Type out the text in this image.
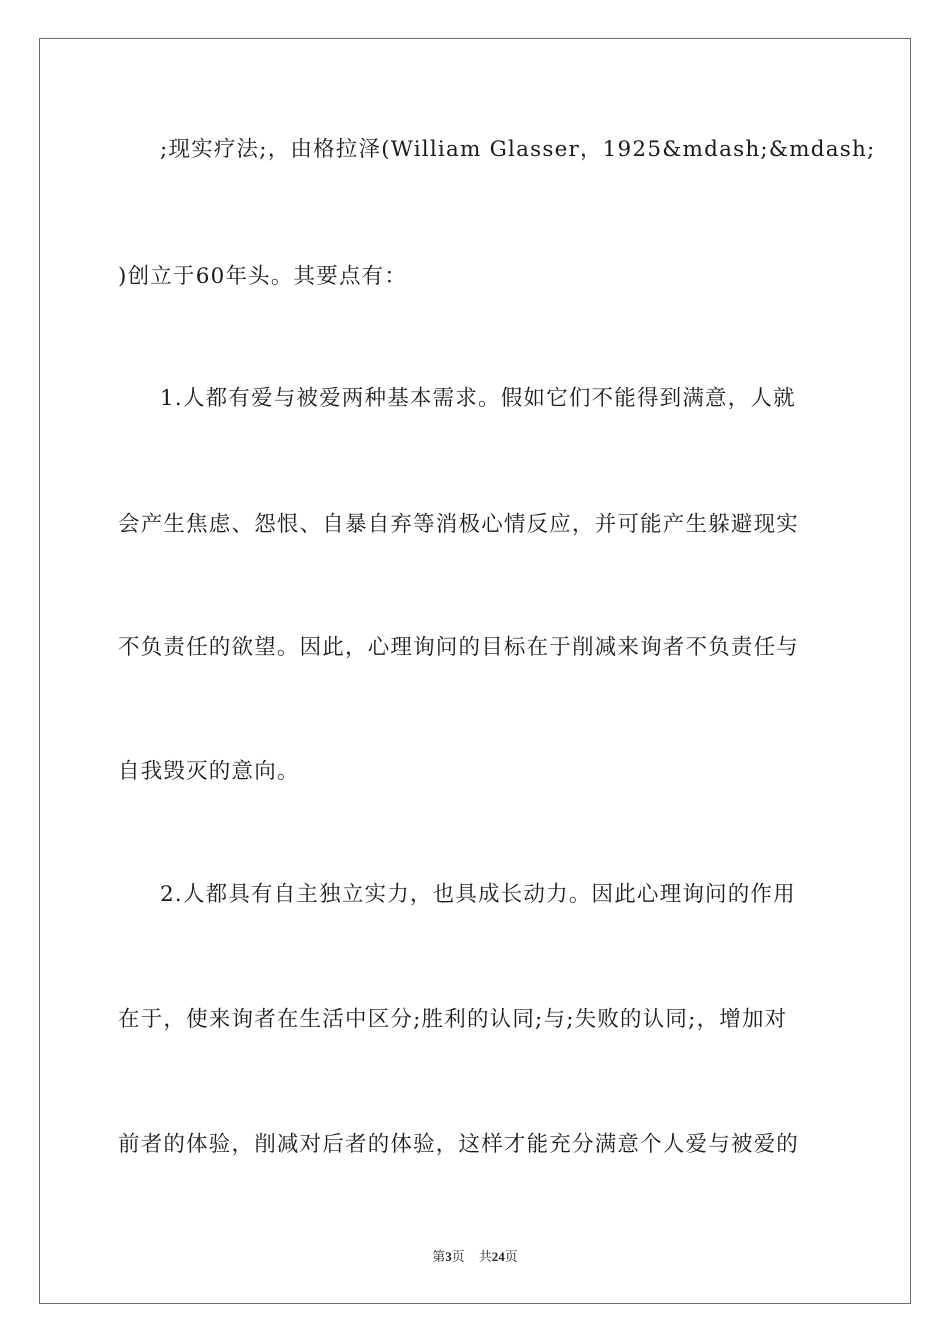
;现实疗法;，由格拉泽(William Glasser，1925&mdash;&mdash;
)创立于60年头。其要点有：
1.人都有爱与被爱两种基本需求。假如它们不能得到满意，人就
会产生焦虑、怨恨、自暴自弃等消极心情反应，并可能产生躲避现实
不负责任的欲望。因此，心理询问的目标在于削减来询者不负责任与
自我毁灭的意向。
2.人都具有自主独立实力，也具成长动力。因此心理询问的作用
在于，使来询者在生活中区分;胜利的认同;与;失败的认同;，增加对
前者的体验，削减对后者的体验，这样才能充分满意个人爱与被爱的
第3页 共24页
